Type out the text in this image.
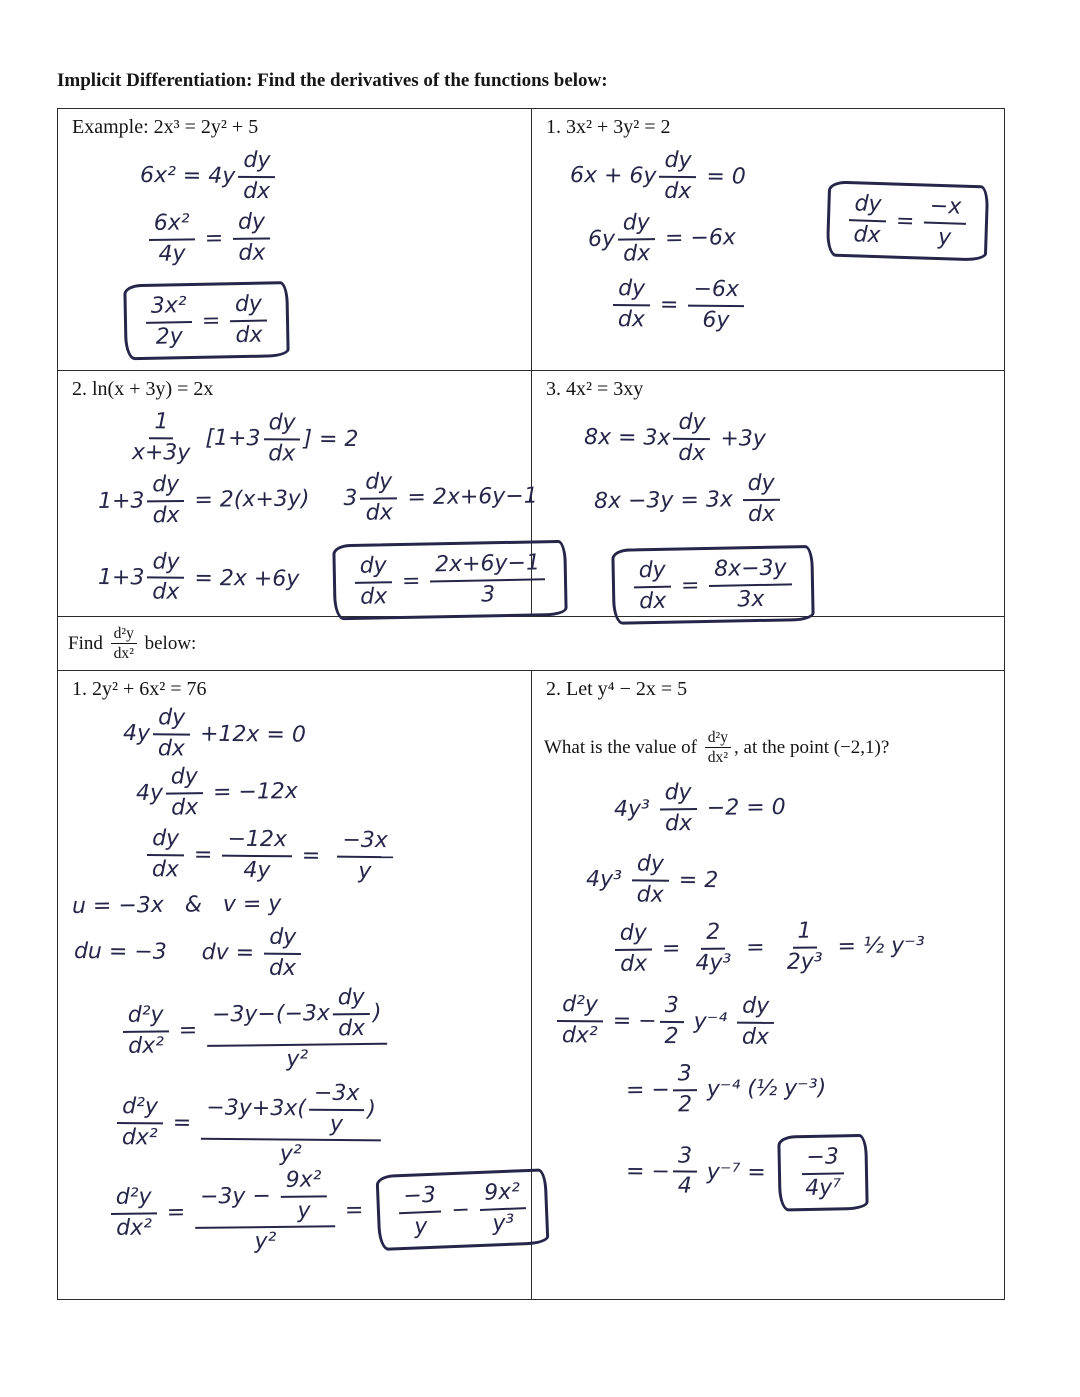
Implicit Differentiation: Find the derivatives of the functions below:
Example: 2x³ = 2y² + 5
$6x^2 = 4y \frac{dy}{dx}$
$\frac{\text{6x²}}{4y} = \frac{dy}{dx}$
$\frac{\text{3x²}}{2y} = \frac{dy}{dx}$
1. 3x² + 3y² = 2
$6x + 6y \frac{dy}{dx} = 0$
$6y \frac{dy}{dx} = -6x$
$\frac{dy}{dx} = \frac{-6x}{6y}$
$\frac{dy}{dx} = \frac{-x}{y}$
2. ln(x + 3y) = 2x
$\frac{1}{x+3y} [1+3 \frac{dy}{dx}$ ] = 2
$1+3 \frac{dy}{dx} = 2(x+3y)$ $3 \frac{dy}{dx} = 2x+6y-1$
$1+3 \frac{dy}{dx} = 2x +6y$	$\frac{dy}{dx} = \frac{2x+6y-1}{3}$
3. 4x² = 3xy
$8x = 3x \frac{dy}{dx} +3y$
$8x -3y = 3x \frac{dy}{dx}$
$\frac{dy}{dx} = \frac{8x-3y}{3x}$
Find $\frac{\text{d²y}}{\text{dx²}}$ below:
1. 2y² + 6x² = 76
$4y \frac{dy}{dx} +12x = 0$
$4y \frac{dy}{dx} = -12x$
$\frac{dy}{dx} = \frac{-12x}{4y} = \frac{-3x}{y}$
u = −3x   &   v = y
du = −3     dv = $\frac{dy}{dx}$
$\frac{\text{d²y}}{\text{dx²}} = \frac{-3y-(-3x \frac{dy}{dx} )}{\text{y²}}$
$\frac{\text{d²y}}{\text{dx²}} = \frac{-3y+3x( \frac{-3x}{y} )}{\text{y²}}$
$\frac{\text{d²y}}{\text{dx²}} = \frac{-3y - \frac{\text{9x²}}{y}}{\text{y²}} = \frac{-3}{y} - \frac{\text{9x²}}{\text{y³}}$
2. Let y⁴ − 2x = 5
What is the value of $\frac{\text{d²y}}{\text{dx²}}$ , at the point (−2,1)?
$4y^3 \frac{dy}{dx} -2 = 0$
$4y^3 \frac{dy}{dx} = 2$
$\frac{dy}{dx} = \frac{2}{\text{4y³}} = \frac{1}{\text{2y³}}$ = ½ y⁻³
$\frac{\text{d²y}}{\text{dx²}}$ = − $\frac{3}{2} y^{-4} \frac{dy}{dx}$
= − $\frac{3}{2} y^{-4}$ (½ y⁻³)
= − $\frac{3}{4} y^{-7} = \frac{-3}{\text{4y⁷}}$
